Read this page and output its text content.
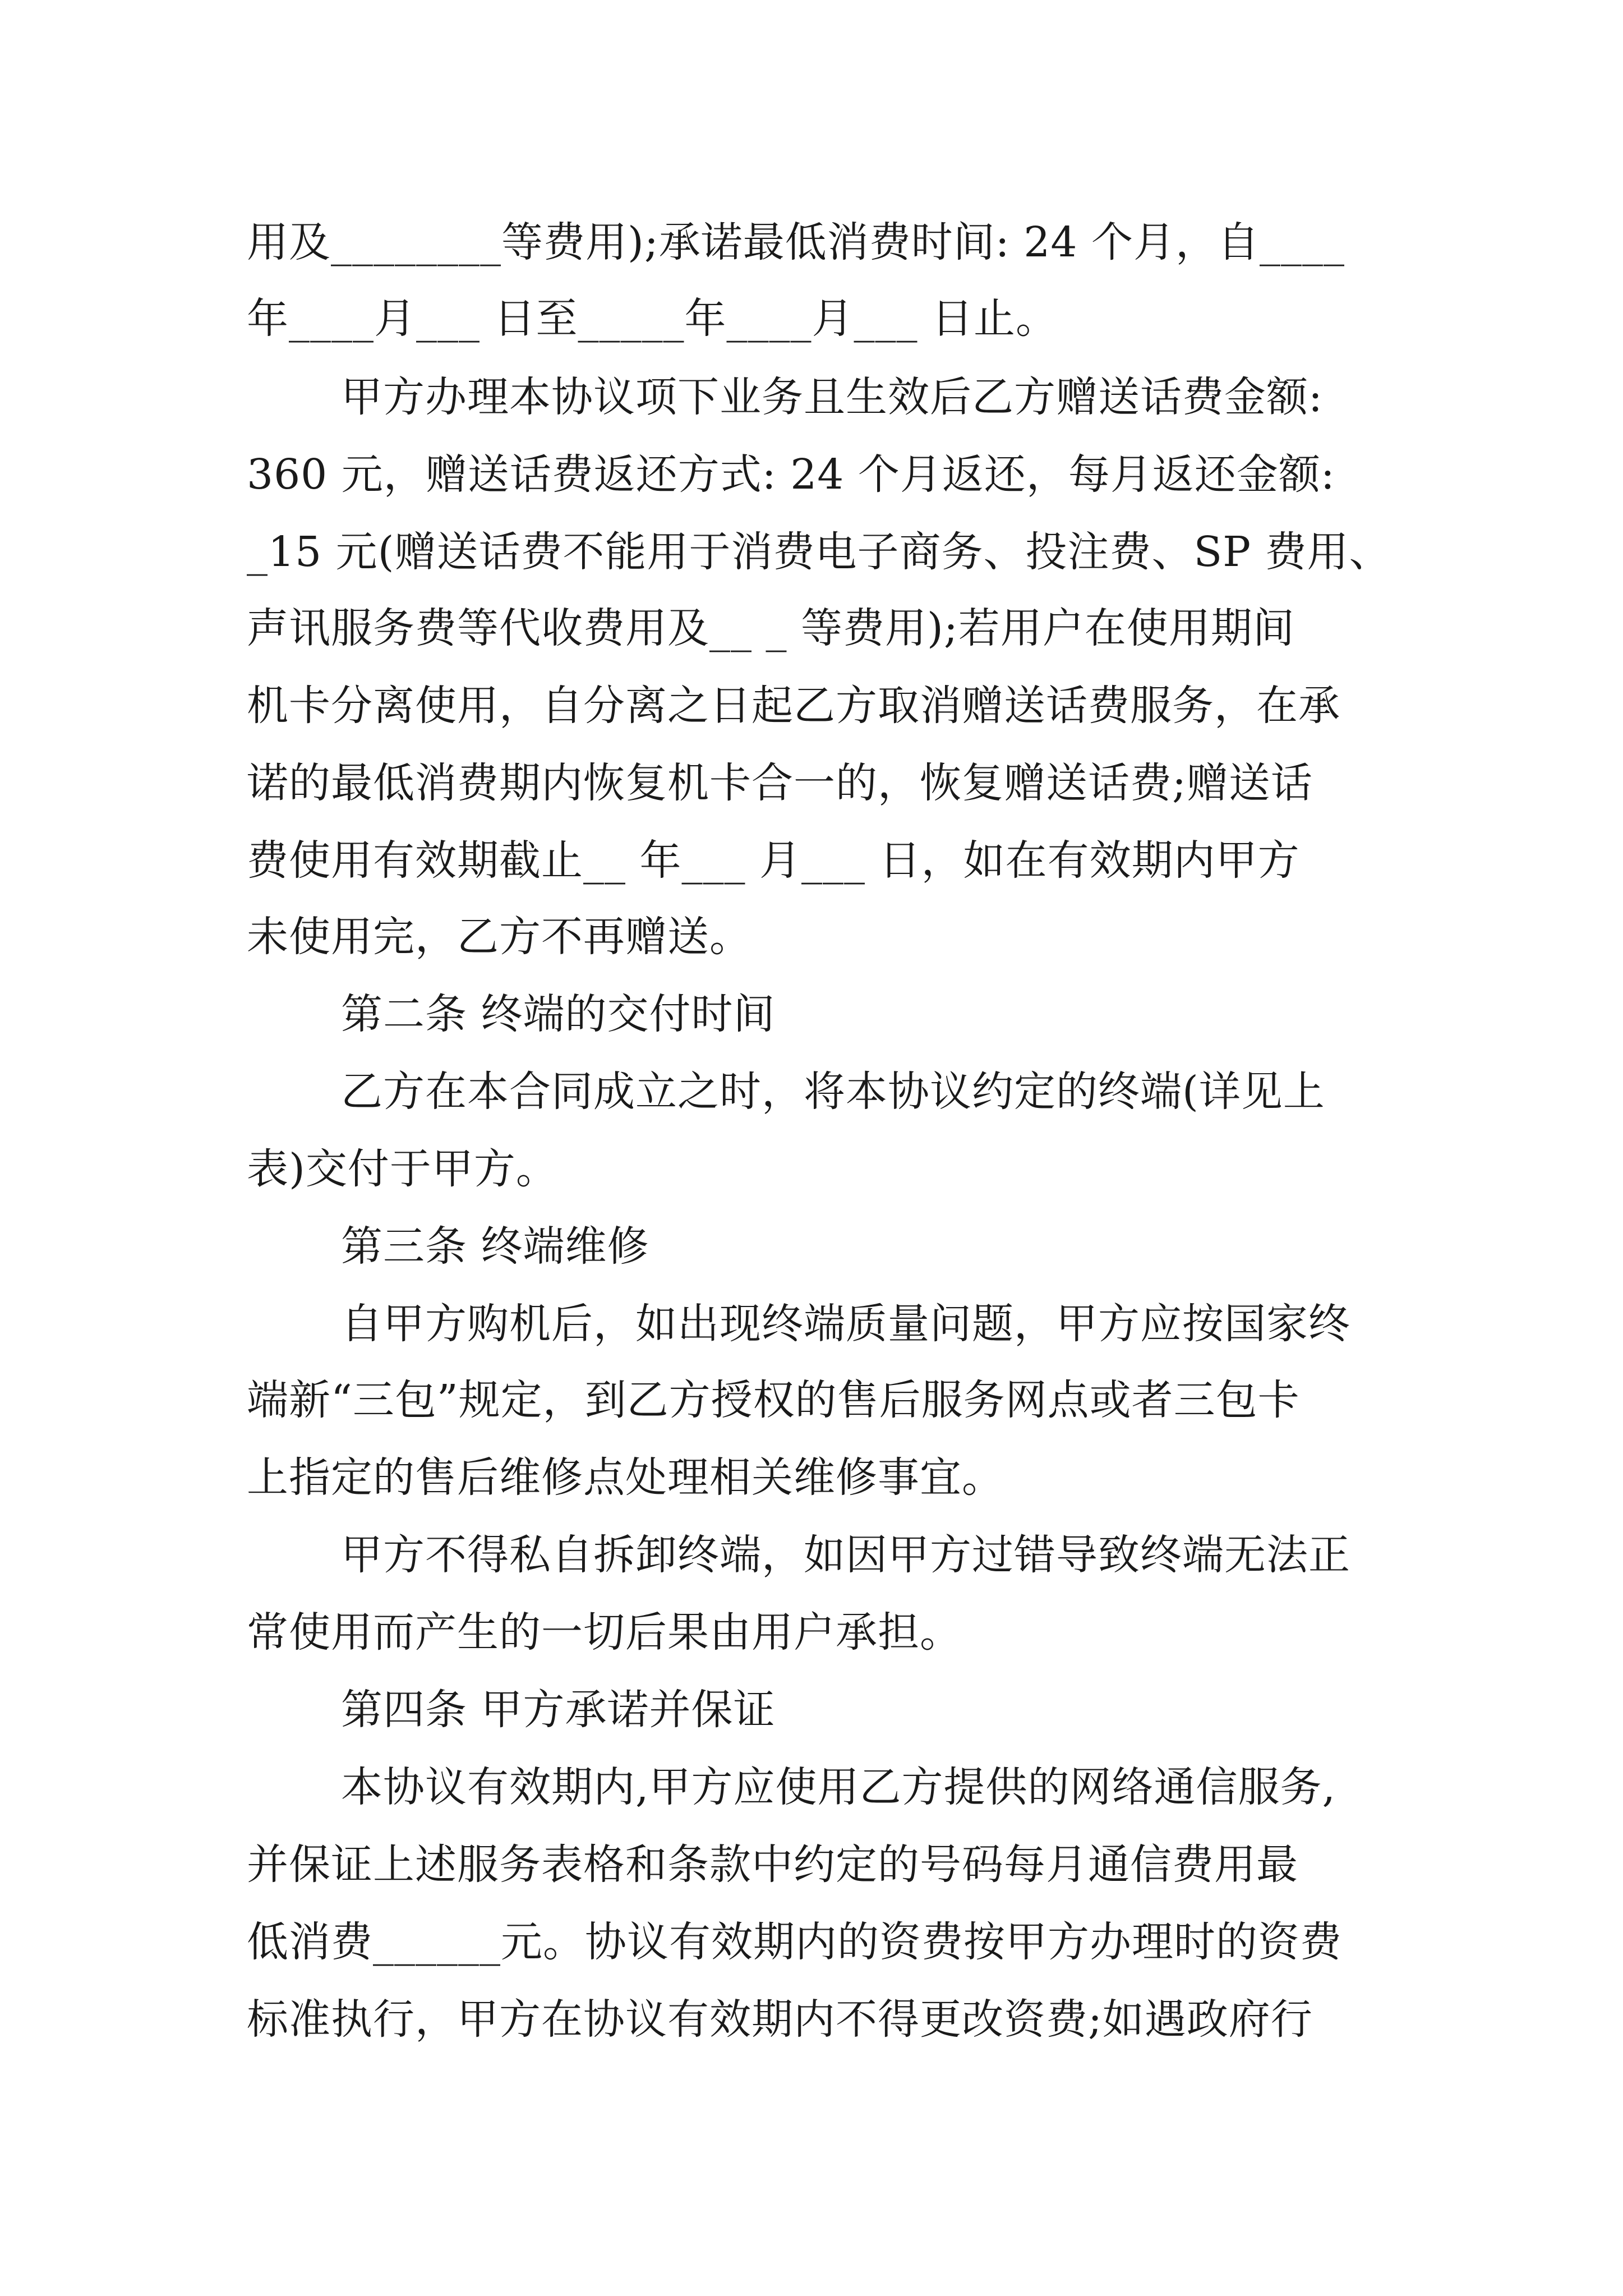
用及________等费用);承诺最低消费时间: 24 个月，自____
年____月___ 日至_____年____月___ 日止。
甲方办理本协议项下业务且生效后乙方赠送话费金额:
360 元，赠送话费返还方式: 24 个月返还，每月返还金额:
_15 元(赠送话费不能用于消费电子商务、投注费、SP 费用、
声讯服务费等代收费用及__ _ 等费用);若用户在使用期间
机卡分离使用，自分离之日起乙方取消赠送话费服务，在承
诺的最低消费期内恢复机卡合一的，恢复赠送话费;赠送话
费使用有效期截止__ 年___ 月___ 日，如在有效期内甲方
未使用完，乙方不再赠送。
第二条 终端的交付时间
乙方在本合同成立之时，将本协议约定的终端(详见上
表)交付于甲方。
第三条 终端维修
自甲方购机后，如出现终端质量问题，甲方应按国家终
端新“三包”规定，到乙方授权的售后服务网点或者三包卡
上指定的售后维修点处理相关维修事宜。
甲方不得私自拆卸终端，如因甲方过错导致终端无法正
常使用而产生的一切后果由用户承担。
第四条 甲方承诺并保证
本协议有效期内,甲方应使用乙方提供的网络通信服务,
并保证上述服务表格和条款中约定的号码每月通信费用最
低消费______元。协议有效期内的资费按甲方办理时的资费
标准执行，甲方在协议有效期内不得更改资费;如遇政府行
